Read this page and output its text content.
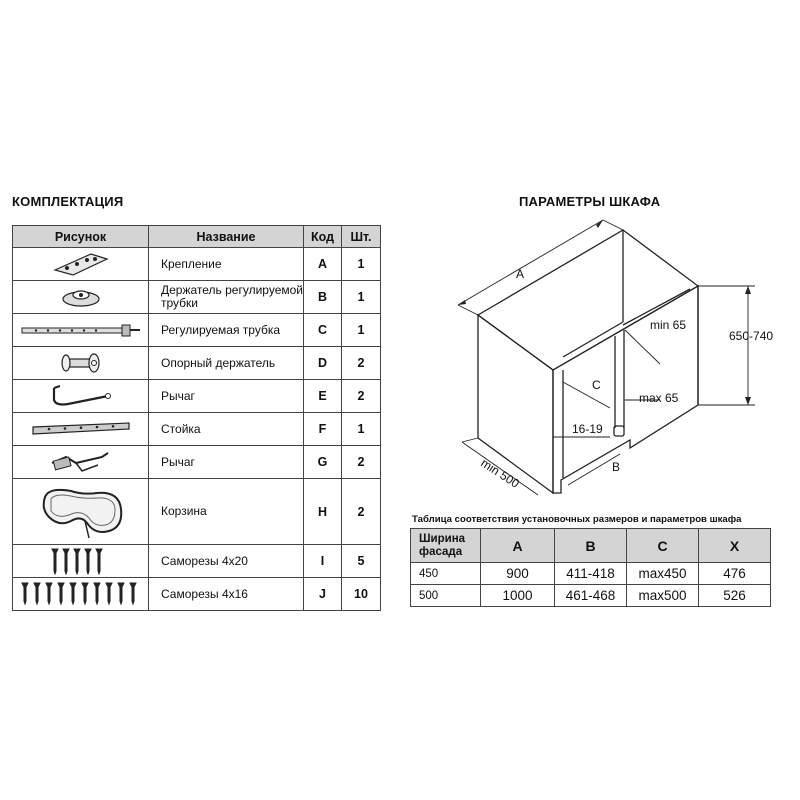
КОМПЛЕКТАЦИЯ	ПАРАМЕТРЫ ШКАФА
Рисунок	Название	Код	Шт.

	Крепление	A	1

	Держатель регулируемой трубки	B	1

	Регулируемая трубка	C	1

	Опорный держатель	D	2

	Рычаг	E	2

	Стойка	F	1

	Рычаг	G	2

	Корзина	H	2

	Саморезы 4х20	I	5

	Саморезы 4х16	J	10
A
min 65
650-740
C
max 65
16-19
B
min 500
Таблица соответствия установочных размеров и параметров шкафа
Ширина фасада	A	B	C	X
450	900	411-418	max450	476
500	1000	461-468	max500	526
